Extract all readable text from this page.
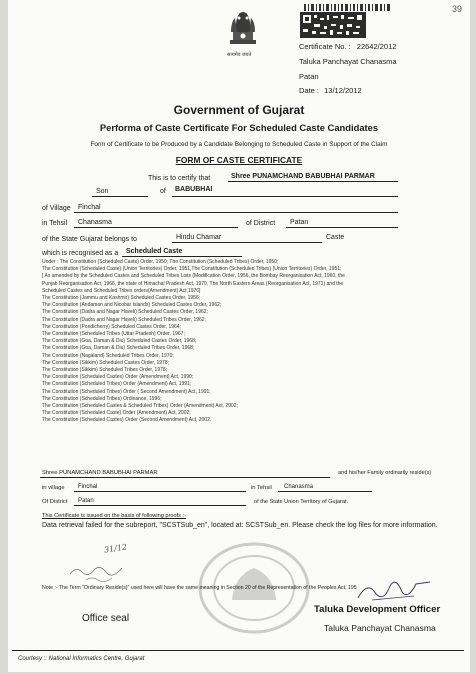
39
सत्यमेव जयते
Certificate No. : 22642/2012
Taluka Panchayat Chanasma
Patan
Date : 13/12/2012
Government of Gujarat
Performa of Caste Certificate For Scheduled Caste Candidates
Form of Certificate to be Produced by a Candidate Belonging to Scheduled Caste in Support of the Claim
FORM OF CASTE CERTIFICATE
This is to certify that	Shree PUNAMCHAND BABUBHAI PARMAR
Son	of BABUBHAI
of Village Finchal
in Tehsil Chanasma	of District Patan
of the State Gujarat belongs to	Hindu Chamar	Caste
which is recognised as a Scheduled Caste
Under : The Constitution (Scheduled Caste) Order, 1950; The Constitution (Scheduled Tribes) Order, 1950;
The Constitution (Scheduled Caste) (Union Territories) Order, 1951,The Constitution (Scheduled Tribes) (Union Territories) Order, 1951;
[ As amended by the Scheduled Castes and Scheduled Tribes Lists (Modification Order, 1956, the Bombay Reorganisation Act, 1960, the
Punjab Reorganisation Act, 1966, the state of Himachal Pradesh Act, 1970, The North Eastern Areas (Reorganisation Act, 1971) and the
Scheduled Castes and Scheduled Tribes orders(Amendment) Act,1976]
The Constitution (Jammu and Kashmir) Scheduled Castes Order, 1956;
The Constitution (Andaman and Nicobar Islands) Scheduled Castes Order, 1962;
The Constitution (Dadra and Nagar Haveli) Scheduled Castes Order, 1962;
The Constitution (Dadra and Nagar Haveli) Scheduled Tribes Order, 1962;
The Constitution (Pondicherry) Scheduled Castes Order, 1964;
The Constitution (Scheduled Tribes (Uttar Pradesh) Order, 1967;
The Constitution (Goa, Daman & Diu) Scheduled Castes Order, 1968;
The Constitution (Goa, Daman & Diu) Scheduled Tribes Order, 1968;
The Constitution (Nagaland) Scheduled Tribes Order, 1970;
The Constitution (Sikkim) Scheduled Castes Order, 1978;
The Constitution (Sikkim) Scheduled Tribes Order, 1978;
The Constitution (Scheduled Castes) Order (Amendment) Act, 1990;
The Constitution (Scheduled Tribes) Order (Amendment) Act, 1991;
The Constitution (Scheduled Tribes) Order ( Second Amendment) Act, 1991;
The Constitution (Scheduled Tribes) Ordinance, 1996;
The Constitution (Scheduled Castes & Scheduled Tribes) Order (Amendment) Act, 2002;
The Constitution (Scheduled Caste) Order (Amendment) Act, 2002;
The Constitution (Scheduled Castes) Order (Second Amendment) Act, 2002.
Shree PUNAMCHAND BABUBHAI PARMAR	and his/her Family ordinarily reside(s)
in village Finchal	in Tehsil Chanasma
Of District Patan	of the State Union Territory of Gujarat.
This Certificate is issued on the basis of following proofs :-
Data retrieval failed for the subreport, "SCSTSub_en", located at: SCSTSub_en. Please check the log files for more information.
31/12
Note :- The Term "Ordinary Reside(s)" used here will have the same meaning in Section 20 of the Representation of the Peoples Act, 195
Office seal
Taluka Development Officer
Taluka Panchayat Chanasma
Courtesy :: National Informatics Centre, Gujarat
